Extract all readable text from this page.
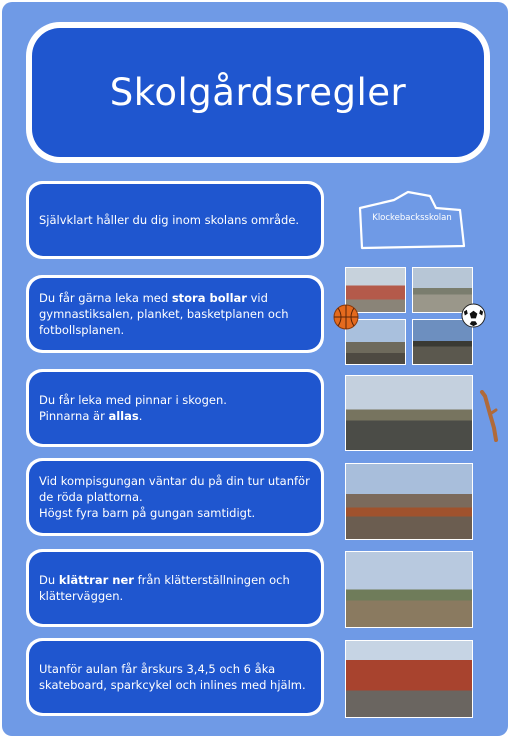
Skolgårdsregler
Självklart håller du dig inom skolans område.
Du får gärna leka med stora bollar vid gymnastiksalen, planket, basketplanen och fotbollsplanen.
Du får leka med pinnar i skogen.
Pinnarna är allas.
Vid kompisgungan väntar du på din tur utanför de röda plattorna.
Högst fyra barn på gungan samtidigt.
Du klättrar ner från klätterställningen och klätterväggen.
Utanför aulan får årskurs 3,4,5 och 6 åka skateboard, sparkcykel och inlines med hjälm.
Klockebacksskolan
